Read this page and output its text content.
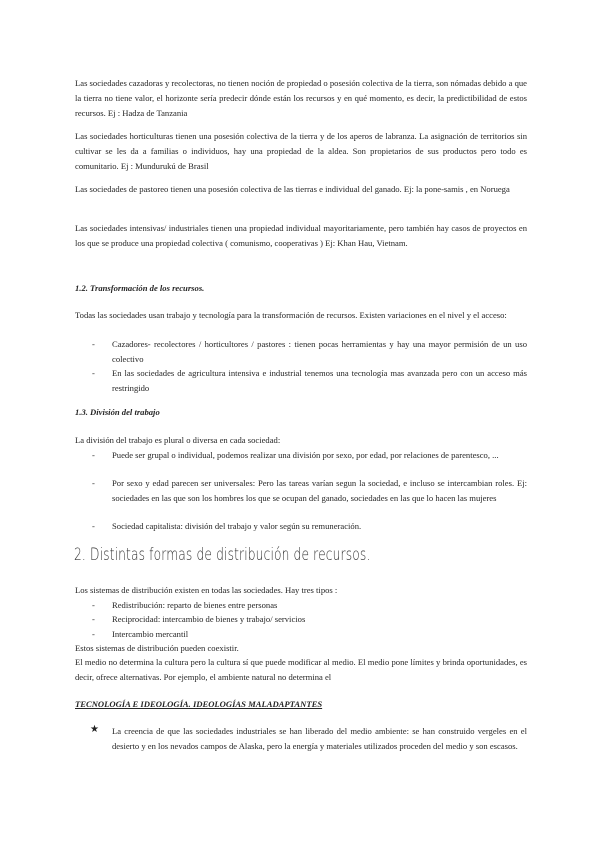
Las sociedades cazadoras y recolectoras, no tienen noción de propiedad o posesión colectiva de la tierra, son nómadas debido a que la tierra no tiene valor, el horizonte sería predecir dónde están los recursos y en qué momento, es decir, la predictibilidad de estos recursos. Ej : Hadza de Tanzania

Las sociedades horticulturas tienen una posesión colectiva de la tierra y de los aperos de labranza. La asignación de territorios sin cultivar se les da a familias o individuos, hay una propiedad de la aldea. Son propietarios de sus productos pero todo es comunitario. Ej : Mundurukú de Brasil

Las sociedades de pastoreo tienen una posesión colectiva de las tierras e individual del ganado. Ej: la pone-samis , en Noruega

Las sociedades intensivas/ industriales tienen una propiedad individual mayoritariamente, pero también hay casos de proyectos en los que se produce una propiedad colectiva ( comunismo, cooperativas ) Ej: Khan Hau, Vietnam.

1.2. Transformación de los recursos.

Todas las sociedades usan trabajo y tecnología para la transformación de recursos. Existen variaciones en el nivel y el acceso:

-	Cazadores- recolectores / horticultores / pastores : tienen pocas herramientas y hay una mayor permisión de un uso colectivo

-	En las sociedades de agricultura intensiva e industrial tenemos una tecnología mas avanzada pero con un acceso más restringido

1.3. División del trabajo

La división del trabajo es plural o diversa en cada sociedad:

-	Puede ser grupal o individual, podemos realizar una división por sexo, por edad, por relaciones de parentesco, ...

-	Por sexo y edad parecen ser universales: Pero las tareas varían segun la sociedad, e incluso se intercambian roles. Ej: sociedades en las que son los hombres los que se ocupan del ganado, sociedades en las que lo hacen las mujeres

-	Sociedad capitalista: división del trabajo y valor según su remuneración.

2. Distintas formas de distribución de recursos.

Los sistemas de distribución existen en todas las sociedades. Hay tres tipos :

-	Redistribución: reparto de bienes entre personas

-	Reciprocidad: intercambio de bienes y trabajo/ servicios

-	Intercambio mercantil

Estos sistemas de distribución pueden coexistir.

El medio no determina la cultura pero la cultura sí que puede modificar al medio. El medio pone límites y brinda oportunidades, es decir, ofrece alternativas. Por ejemplo, el ambiente natural no determina el

TECNOLOGÍA E IDEOLOGÍA. IDEOLOGÍAS MALADAPTANTES
★ La creencia de que las sociedades industriales se han liberado del medio ambiente: se han construido vergeles en el desierto y en los nevados campos de Alaska, pero la energía y materiales utilizados proceden del medio y son escasos.
